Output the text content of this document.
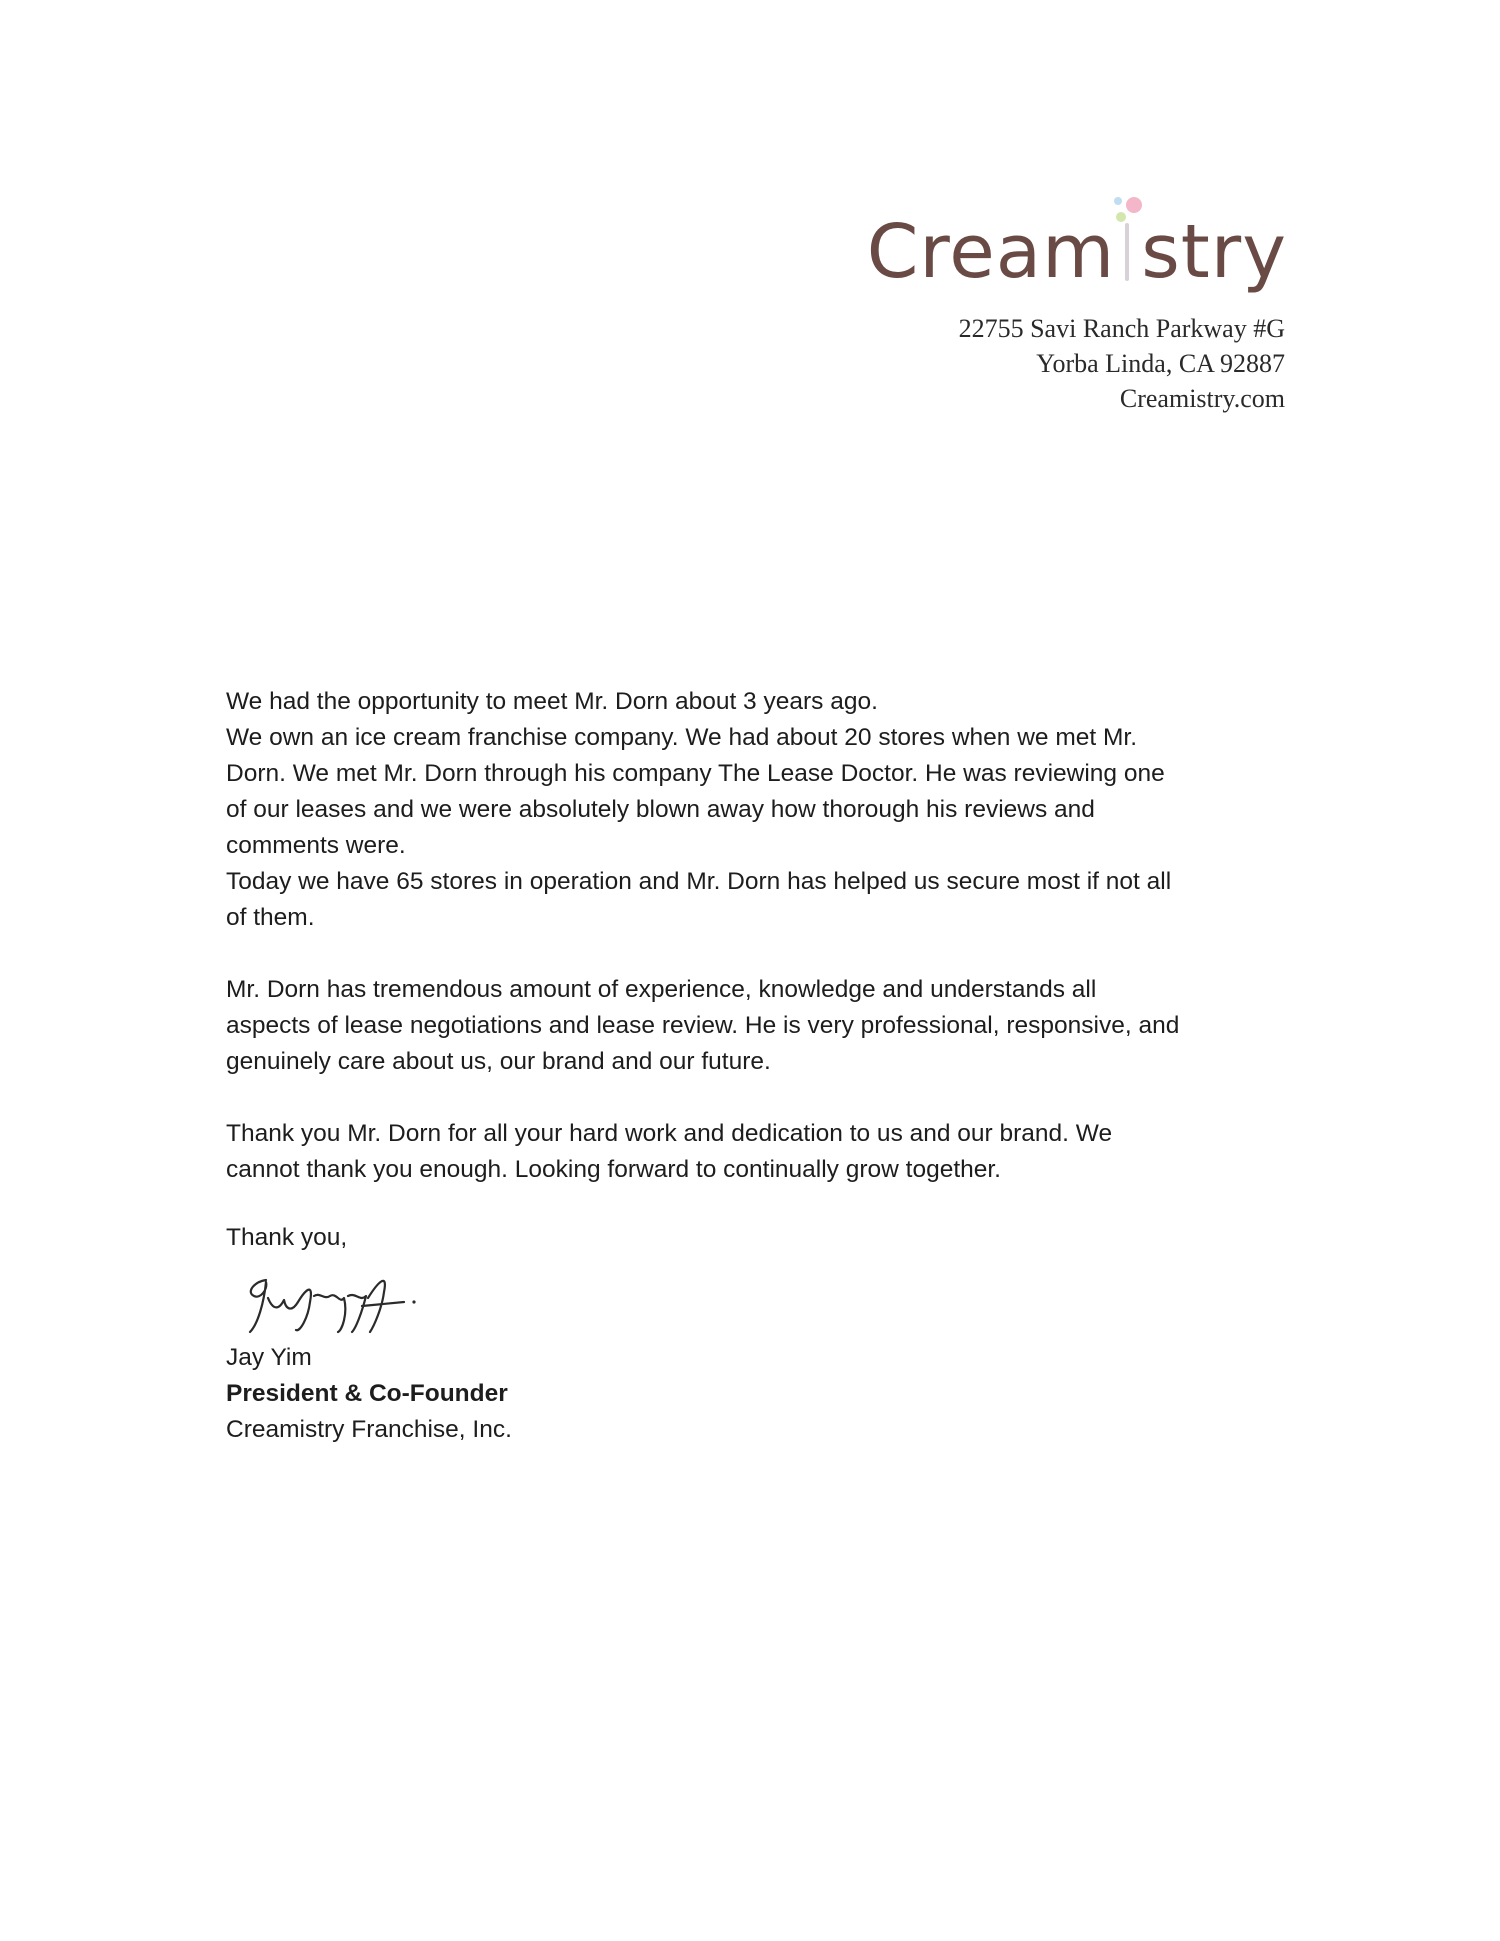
Cream stry
22755 Savi Ranch Parkway #G
Yorba Linda, CA 92887
Creamistry.com
We had the opportunity to meet Mr. Dorn about 3 years ago.
We own an ice cream franchise company. We had about 20 stores when we met Mr.
Dorn. We met Mr. Dorn through his company The Lease Doctor. He was reviewing one
of our leases and we were absolutely blown away how thorough his reviews and
comments were.
Today we have 65 stores in operation and Mr. Dorn has helped us secure most if not all
of them.
Mr. Dorn has tremendous amount of experience, knowledge and understands all
aspects of lease negotiations and lease review. He is very professional, responsive, and
genuinely care about us, our brand and our future.
Thank you Mr. Dorn for all your hard work and dedication to us and our brand. We
cannot thank you enough. Looking forward to continually grow together.
Thank you,
Jay Yim
President & Co-Founder
Creamistry Franchise, Inc.
